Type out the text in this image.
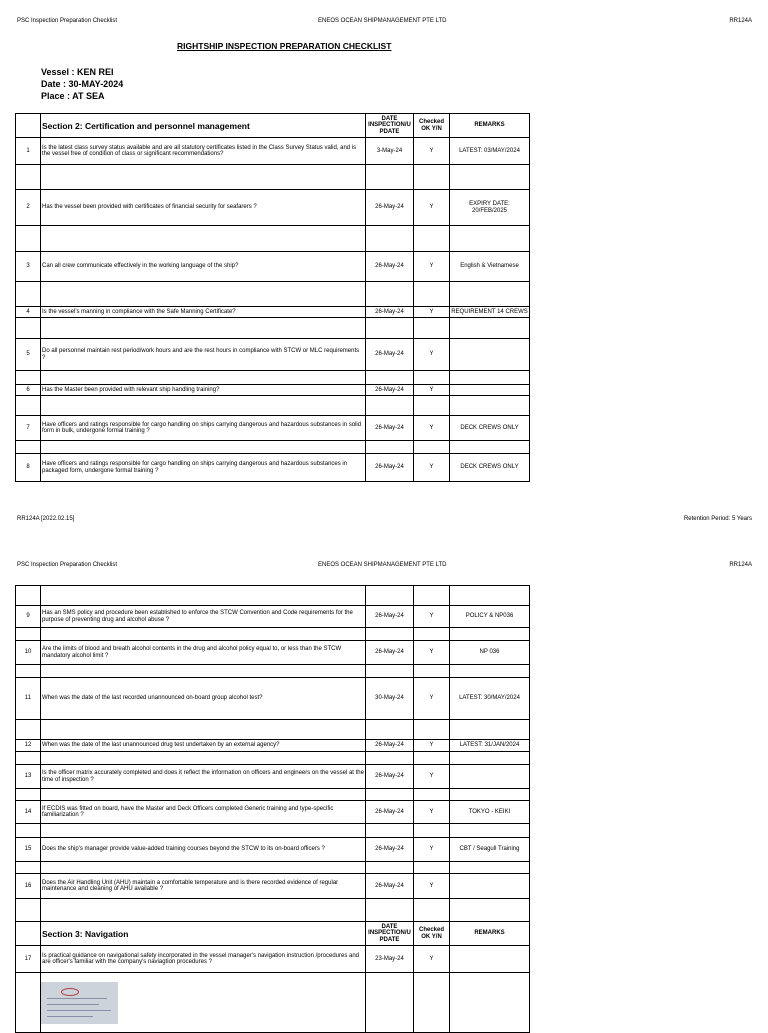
PSC Inspection Preparation Checklist	ENEOS OCEAN SHIPMANAGEMENT PTE LTD	RR124A
RIGHTSHIP INSPECTION PREPARATION CHECKLIST
Vessel : KEN REI
Date : 30-MAY-2024
Place : AT SEA
	Section 2: Certification and personnel management	DATE INSPECTION/U PDATE	Checked OK Y/N	REMARKS
1	Is the latest class survey status available and are all statutory certificates listed in the Class Survey Status valid, and is the vessel free of condition of class or significant recommendations?	3-May-24	Y	LATEST: 03/MAY/2024

2	Has the vessel been provided with certificates of financial security for seafarers ?	26-May-24	Y	EXPIRY DATE: 20/FEB/2025

3	Can all crew communicate effectively in the working language of the ship?	26-May-24	Y	English & Vietnamese

4	Is the vessel's manning in compliance with the Safe Manning Certificate?	26-May-24	Y	REQUIREMENT 14 CREWS

5	Do all personnel maintain rest period/work hours and are the rest hours in compliance with STCW or MLC requirements ?	26-May-24	Y	

6	Has the Master been provided with relevant ship handling training?	26-May-24	Y	

7	Have officers and ratings responsible for cargo handling on ships carrying dangerous and hazardous substances in solid form in bulk, undergone formal training ?	26-May-24	Y	DECK CREWS ONLY

8	Have officers and ratings responsible for cargo handling on ships carrying dangerous and hazardous substances in packaged form, undergone formal training ?	26-May-24	Y	DECK CREWS ONLY
RR124A [2022.02.15]	Retention Period: 5 Years
PSC Inspection Preparation Checklist	ENEOS OCEAN SHIPMANAGEMENT PTE LTD	RR124A

9	Has an SMS policy and procedure been established to enforce the STCW Convention and Code requirements for the purpose of preventing drug and alcohol abuse ?	26-May-24	Y	POLICY & NP036

10	Are the limits of blood and breath alcohol contents in the drug and alcohol policy equal to, or less than the STCW mandatory alcohol limit ?	26-May-24	Y	NP 036

11	When was the date of the last recorded unannounced on-board group alcohol test?	30-May-24	Y	LATEST: 30/MAY/2024

12	When was the date of the last unannounced drug test undertaken by an external agency?	26-May-24	Y	LATEST: 31/JAN/2024

13	Is the officer matrix accurately completed and does it reflect the information on officers and engineers on the vessel at the time of inspection ?	26-May-24	Y	

14	If ECDIS was fitted on board, have the Master and Deck Officers completed Generic training and type-specific familiarization ?	26-May-24	Y	TOKYO - KEIKI

15	Does the ship's manager provide value-added training courses beyond the STCW to its on-board officers ?	26-May-24	Y	CBT / Seagull Training

16	Does the Air Handling Unit (AHU) maintain a comfortable temperature and is there recorded evidence of regular maintenance and cleaning of AHU available ?	26-May-24	Y	

	Section 3: Navigation	DATE INSPECTION/U PDATE	Checked OK Y/N	REMARKS
17	Is practical guidance on navigational safety incorporated in the vessel manager's navigation instruction /procedures and are officer's familiar with the company's naviagtion procedures ?	23-May-24	Y	
